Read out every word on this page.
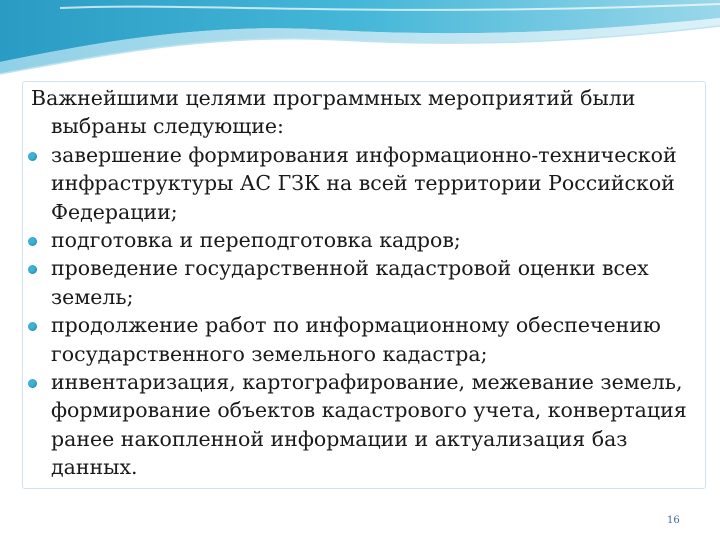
Важнейшими целями программных мероприятий были выбраны следующие:

завершение формирования информационно-технической инфраструктуры АС ГЗК на всей территории Российской Федерации;

подготовка и переподготовка кадров;

проведение государственной кадастровой оценки всех земель;

продолжение работ по информационному обеспечению государственного земельного кадастра;

инвентаризация, картографирование, межевание земель, формирование объектов кадастрового учета, конвертация ранее накопленной информации и актуализация баз данных.

16
